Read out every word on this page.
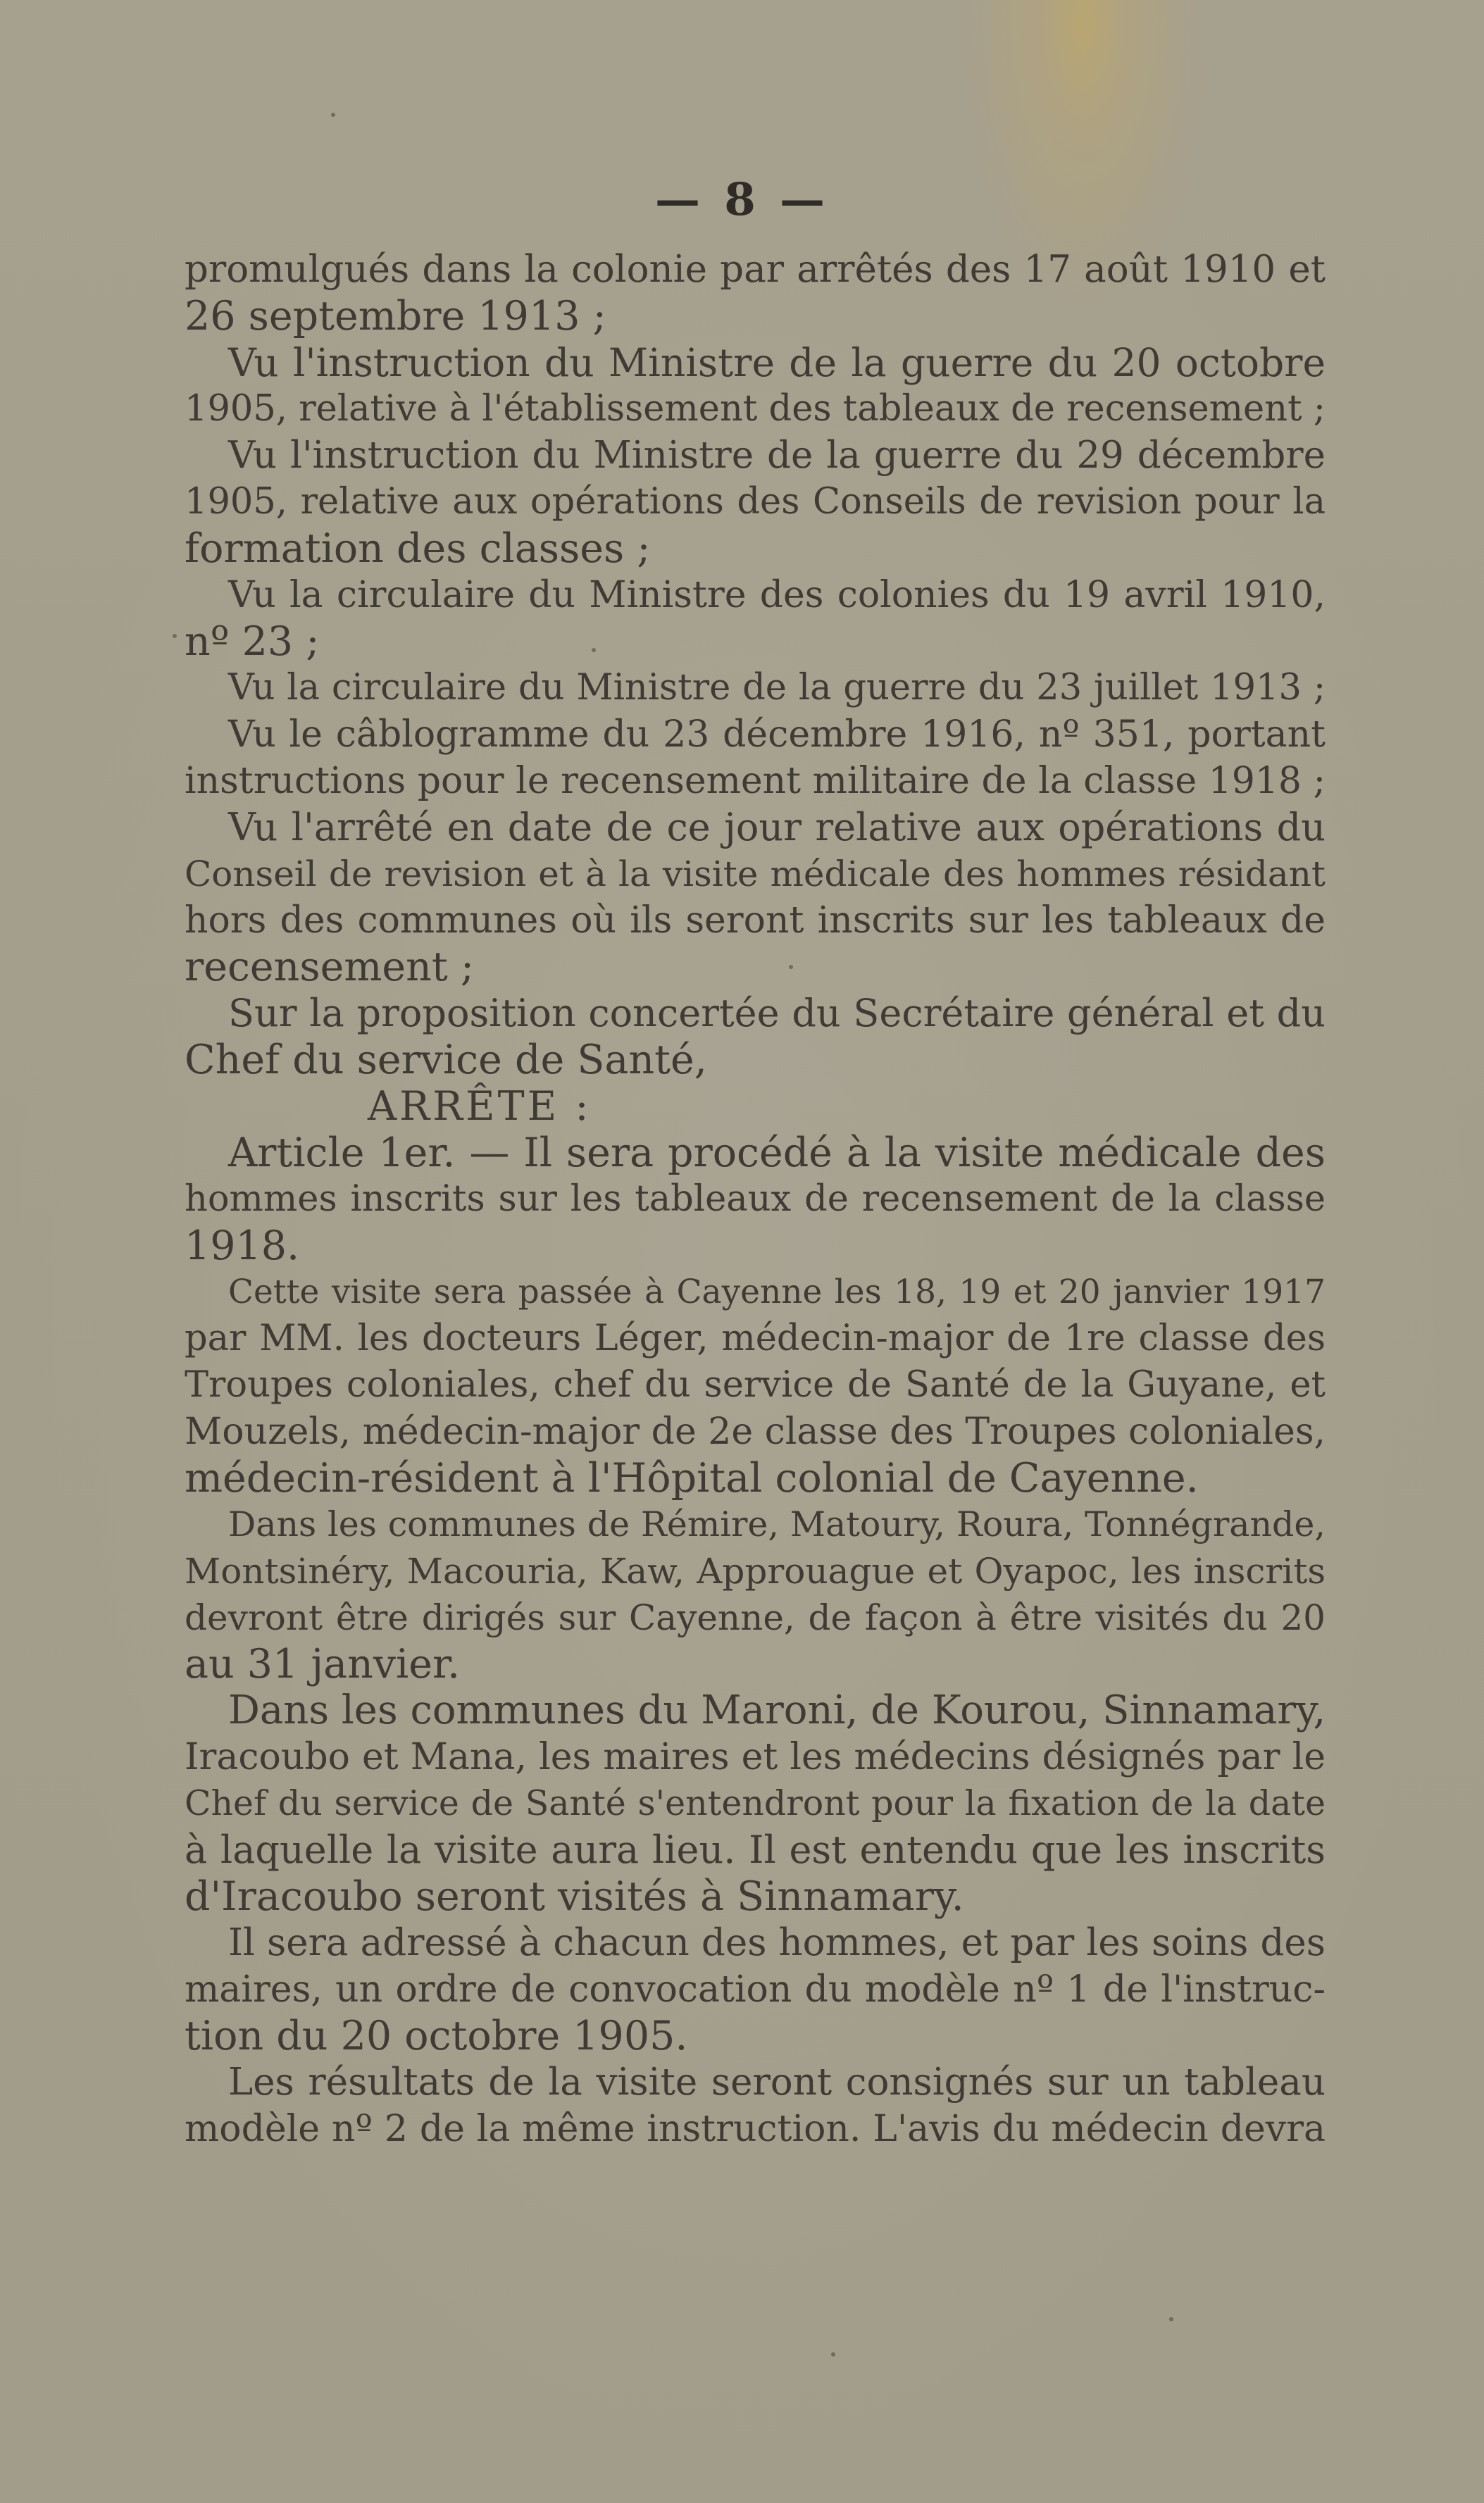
— 8 —
promulgués dans la colonie par arrêtés des 17 août 1910 et
26 septembre 1913 ;
Vu l'instruction du Ministre de la guerre du 20 octobre
1905, relative à l'établissement des tableaux de recensement ;
Vu l'instruction du Ministre de la guerre du 29 décembre
1905, relative aux opérations des Conseils de revision pour la
formation des classes ;
Vu la circulaire du Ministre des colonies du 19 avril 1910,
nº 23 ;
Vu la circulaire du Ministre de la guerre du 23 juillet 1913 ;
Vu le câblogramme du 23 décembre 1916, nº 351, portant
instructions pour le recensement militaire de la classe 1918 ;
Vu l'arrêté en date de ce jour relative aux opérations du
Conseil de revision et à la visite médicale des hommes résidant
hors des communes où ils seront inscrits sur les tableaux de
recensement ;
Sur la proposition concertée du Secrétaire général et du
Chef du service de Santé,
ARRÊTE :
Article 1er. — Il sera procédé à la visite médicale des
hommes inscrits sur les tableaux de recensement de la classe
1918.
Cette visite sera passée à Cayenne les 18, 19 et 20 janvier 1917
par MM. les docteurs Léger, médecin-major de 1re classe des
Troupes coloniales, chef du service de Santé de la Guyane, et
Mouzels, médecin-major de 2e classe des Troupes coloniales,
médecin-résident à l'Hôpital colonial de Cayenne.
Dans les communes de Rémire, Matoury, Roura, Tonnégrande,
Montsinéry, Macouria, Kaw, Approuague et Oyapoc, les inscrits
devront être dirigés sur Cayenne, de façon à être visités du 20
au 31 janvier.
Dans les communes du Maroni, de Kourou, Sinnamary,
Iracoubo et Mana, les maires et les médecins désignés par le
Chef du service de Santé s'entendront pour la fixation de la date
à laquelle la visite aura lieu. Il est entendu que les inscrits
d'Iracoubo seront visités à Sinnamary.
Il sera adressé à chacun des hommes, et par les soins des
maires, un ordre de convocation du modèle nº 1 de l'instruc-
tion du 20 octobre 1905.
Les résultats de la visite seront consignés sur un tableau
modèle nº 2 de la même instruction. L'avis du médecin devra
